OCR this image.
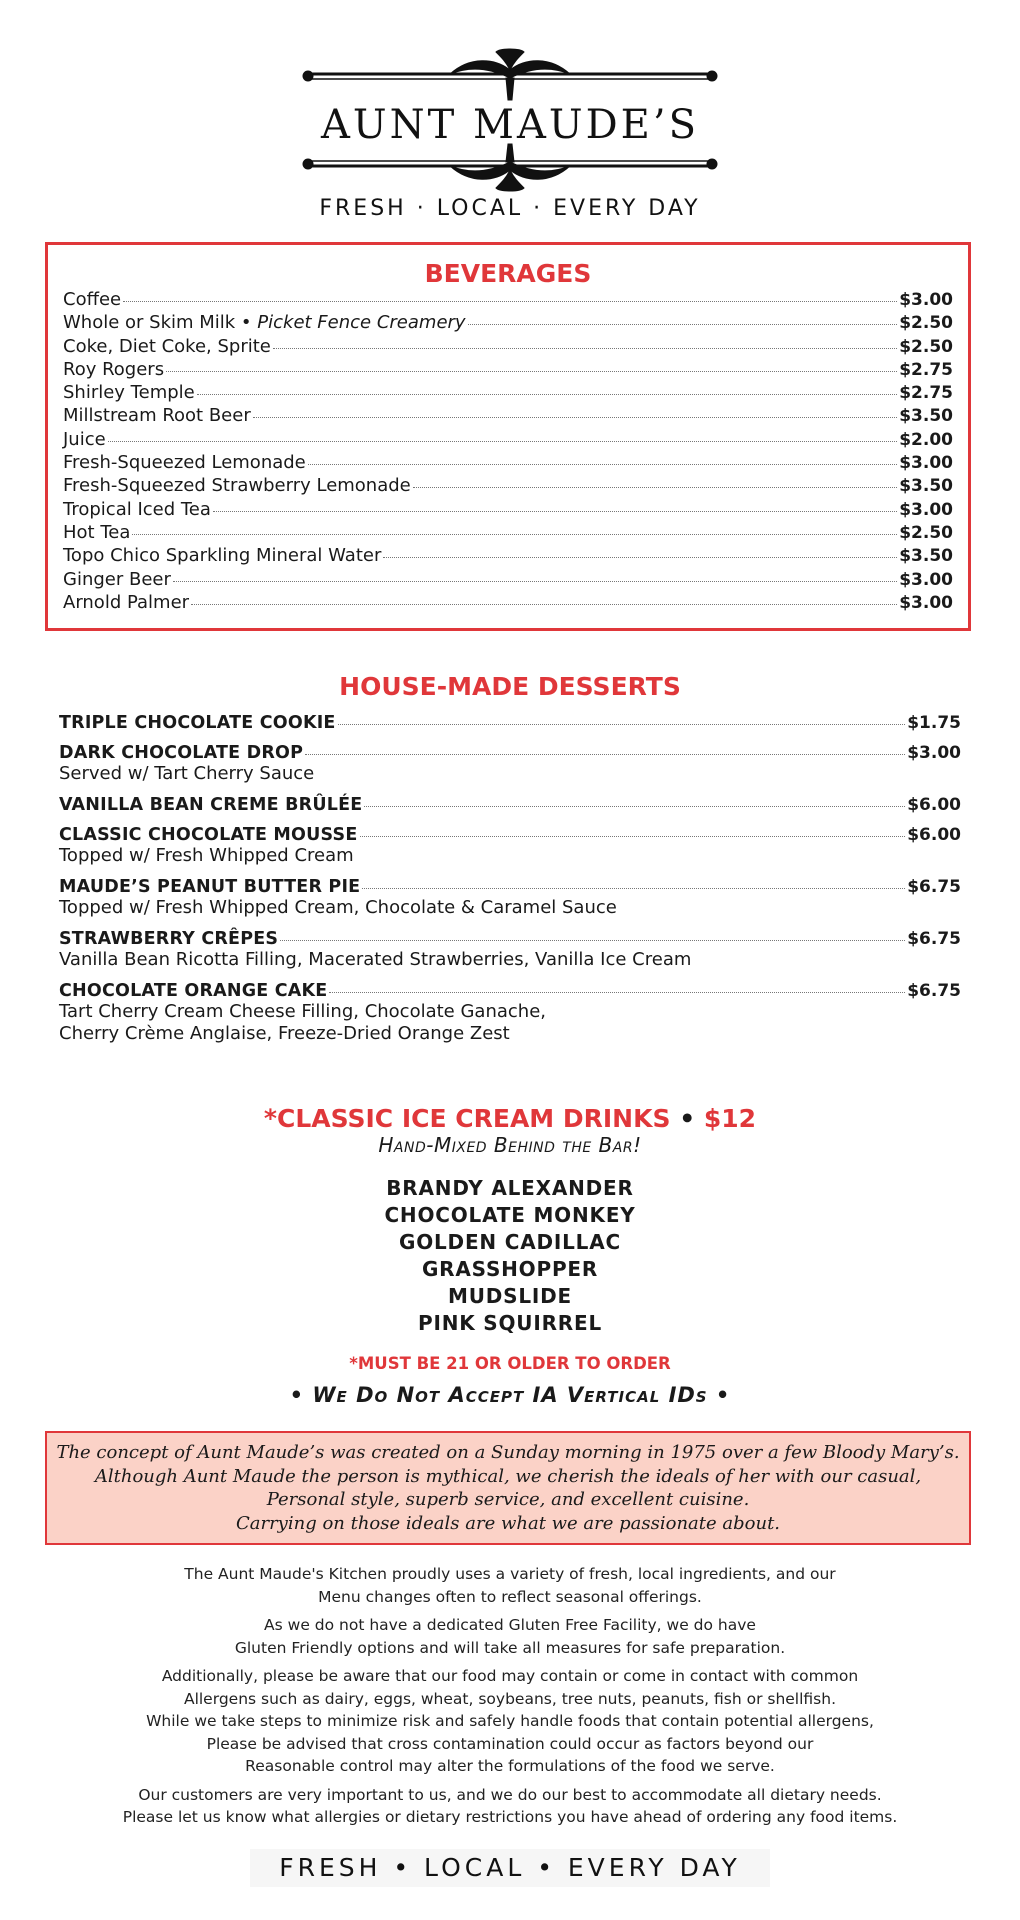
AUNT MAUDE’S
FRESH · LOCAL · EVERY DAY
BEVERAGES
Coffee	$3.00
Whole or Skim Milk • Picket Fence Creamery	$2.50
Coke, Diet Coke, Sprite	$2.50
Roy Rogers	$2.75
Shirley Temple	$2.75
Millstream Root Beer	$3.50
Juice	$2.00
Fresh-Squeezed Lemonade	$3.00
Fresh-Squeezed Strawberry Lemonade	$3.50
Tropical Iced Tea	$3.00
Hot Tea	$2.50
Topo Chico Sparkling Mineral Water	$3.50
Ginger Beer	$3.00
Arnold Palmer	$3.00
HOUSE-MADE DESSERTS
TRIPLE CHOCOLATE COOKIE	$1.75
DARK CHOCOLATE DROP	$3.00
Served w/ Tart Cherry Sauce
VANILLA BEAN CREME BRÛLÉE	$6.00
CLASSIC CHOCOLATE MOUSSE	$6.00
Topped w/ Fresh Whipped Cream
MAUDE’S PEANUT BUTTER PIE	$6.75
Topped w/ Fresh Whipped Cream, Chocolate & Caramel Sauce
STRAWBERRY CRÊPES	$6.75
Vanilla Bean Ricotta Filling, Macerated Strawberries, Vanilla Ice Cream
CHOCOLATE ORANGE CAKE	$6.75
Tart Cherry Cream Cheese Filling, Chocolate Ganache,
Cherry Crème Anglaise, Freeze-Dried Orange Zest
*CLASSIC ICE CREAM DRINKS • $12
Hand-Mixed Behind the Bar!
BRANDY ALEXANDER
CHOCOLATE MONKEY
GOLDEN CADILLAC
GRASSHOPPER
MUDSLIDE
PINK SQUIRREL
*MUST BE 21 OR OLDER TO ORDER
• We Do Not Accept IA Vertical IDs •
The concept of Aunt Maude’s was created on a Sunday morning in 1975 over a few Bloody Mary’s.
Although Aunt Maude the person is mythical, we cherish the ideals of her with our casual,
Personal style, superb service, and excellent cuisine.
Carrying on those ideals are what we are passionate about.
The Aunt Maude's Kitchen proudly uses a variety of fresh, local ingredients, and our
Menu changes often to reflect seasonal offerings.
As we do not have a dedicated Gluten Free Facility, we do have
Gluten Friendly options and will take all measures for safe preparation.
Additionally, please be aware that our food may contain or come in contact with common
Allergens such as dairy, eggs, wheat, soybeans, tree nuts, peanuts, fish or shellfish.
While we take steps to minimize risk and safely handle foods that contain potential allergens,
Please be advised that cross contamination could occur as factors beyond our
Reasonable control may alter the formulations of the food we serve.
Our customers are very important to us, and we do our best to accommodate all dietary needs.
Please let us know what allergies or dietary restrictions you have ahead of ordering any food items.
FRESH • LOCAL • EVERY DAY
